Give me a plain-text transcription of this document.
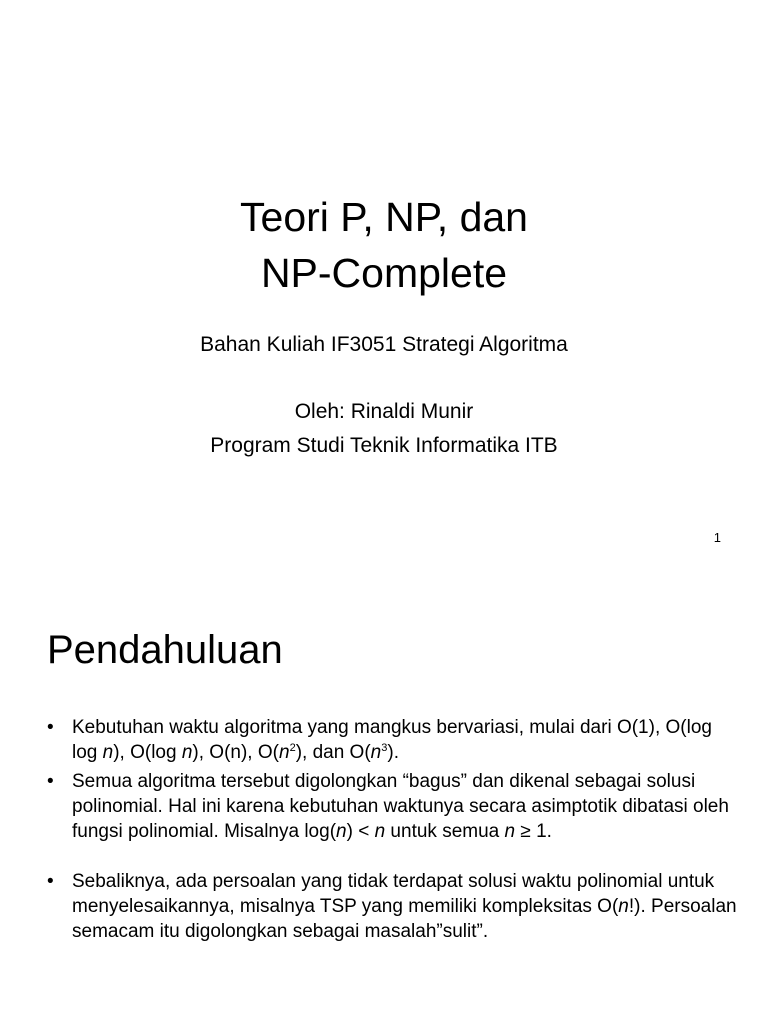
Teori P, NP, dan
NP-Complete
Bahan Kuliah IF3051 Strategi Algoritma
Oleh: Rinaldi Munir
Program Studi Teknik Informatika ITB
1
Pendahuluan
• Kebutuhan waktu algoritma yang mangkus bervariasi, mulai dari O(1), O(log log n), O(log n), O(n), $O(n^2)$, dan $O(n^3)$.
• Semua algoritma tersebut digolongkan “bagus” dan dikenal sebagai solusi polinomial. Hal ini karena kebutuhan waktunya secara asimptotik dibatasi oleh fungsi polinomial. Misalnya log(n) < n untuk semua n ≥ 1.
• Sebaliknya, ada persoalan yang tidak terdapat solusi waktu polinomial untuk menyelesaikannya, misalnya TSP yang memiliki kompleksitas O(n!). Persoalan semacam itu digolongkan sebagai masalah”sulit”.
